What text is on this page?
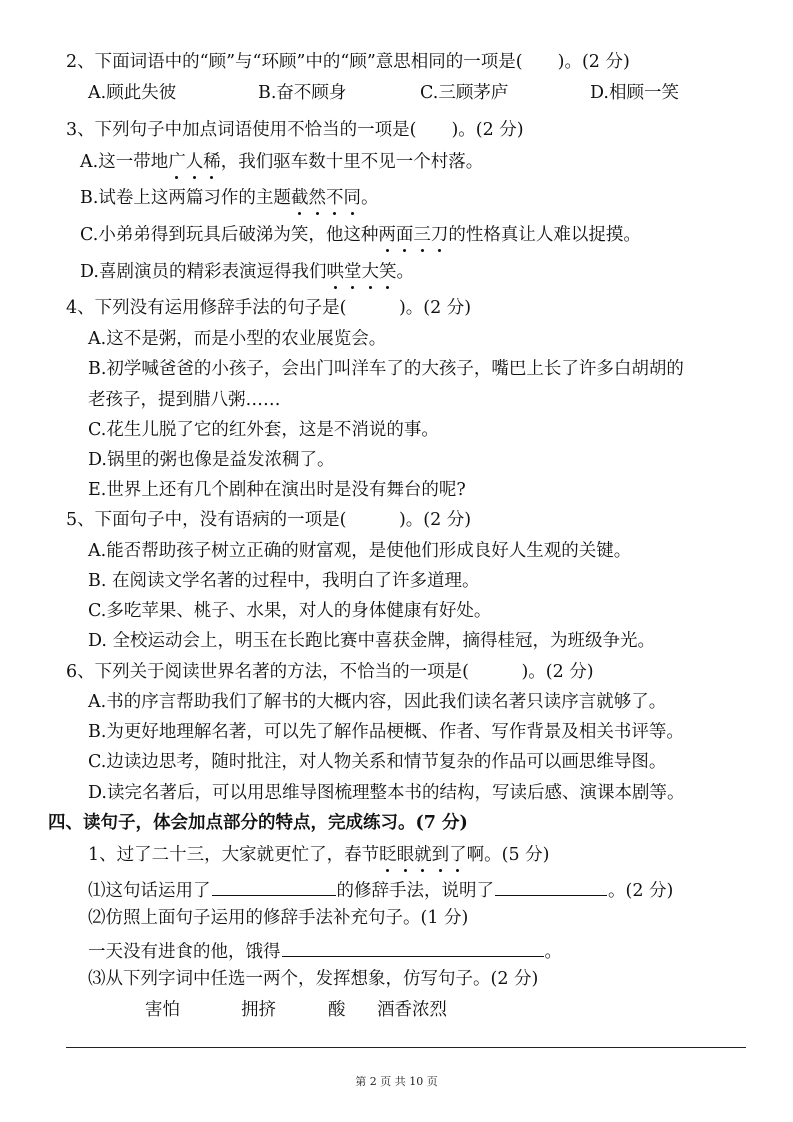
2、下面词语中的“顾”与“环顾”中的“顾”意思相同的一项是(　　)。(2 分)
A.顾此失彼	B.奋不顾身	C.三顾茅庐	D.相顾一笑
3、下列句子中加点词语使用不恰当的一项是(　　)。(2 分)
A.这一带地广人稀，我们驱车数十里不见一个村落。
B.试卷上这两篇习作的主题截然不同。
C.小弟弟得到玩具后破涕为笑，他这种两面三刀的性格真让人难以捉摸。
D.喜剧演员的精彩表演逗得我们哄堂大笑。
4、下列没有运用修辞手法的句子是(　　　)。(2 分)
A.这不是粥，而是小型的农业展览会。
B.初学喊爸爸的小孩子，会出门叫洋车了的大孩子，嘴巴上长了许多白胡胡的
老孩子，提到腊八粥……
C.花生儿脱了它的红外套，这是不消说的事。
D.锅里的粥也像是益发浓稠了。
E.世界上还有几个剧种在演出时是没有舞台的呢?
5、下面句子中，没有语病的一项是(　　　)。(2 分)
A.能否帮助孩子树立正确的财富观，是使他们形成良好人生观的关键。
B. 在阅读文学名著的过程中，我明白了许多道理。
C.多吃苹果、桃子、水果，对人的身体健康有好处。
D. 全校运动会上，明玉在长跑比赛中喜获金牌，摘得桂冠，为班级争光。
6、下列关于阅读世界名著的方法，不恰当的一项是(　　　)。(2 分)
A.书的序言帮助我们了解书的大概内容，因此我们读名著只读序言就够了。
B.为更好地理解名著，可以先了解作品梗概、作者、写作背景及相关书评等。
C.边读边思考，随时批注，对人物关系和情节复杂的作品可以画思维导图。
D.读完名著后，可以用思维导图梳理整本书的结构，写读后感、演课本剧等。
四、读句子，体会加点部分的特点，完成练习。(7 分)
1、过了二十三，大家就更忙了，春节眨眼就到了啊。(5 分)
⑴这句话运用了	的修辞手法，说明了	。(2 分)
⑵仿照上面句子运用的修辞手法补充句子。(1 分)
一天没有进食的他，饿得	。
⑶从下列字词中任选一两个，发挥想象，仿写句子。(2 分)
害怕	拥挤	酸 酒香浓烈
第 2 页 共 10 页
